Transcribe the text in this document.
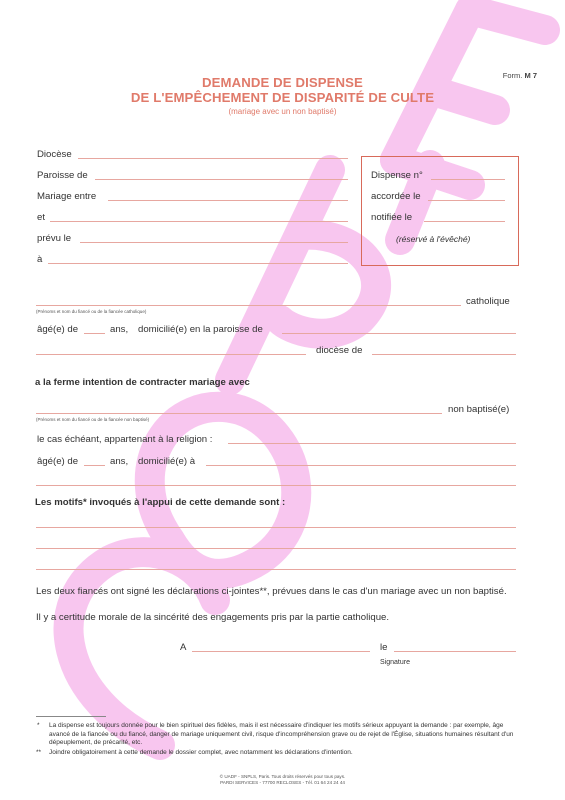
Form. M 7
DEMANDE DE DISPENSE
DE L'EMPÊCHEMENT DE DISPARITÉ DE CULTE
(mariage avec un non baptisé)
Diocèse
Paroisse de
Mariage entre
et
prévu le
à
Dispense n°
accordée le
notifiée le
(réservé à l'évêché)
catholique
(Prénoms et nom du fiancé ou de la fiancée catholique)
âgé(e) de	ans, domicilié(e) en la paroisse de
diocèse de
a la ferme intention de contracter mariage avec
non baptisé(e)
(Prénoms et nom du fiancé ou de la fiancée non baptisé)
le cas échéant, appartenant à la religion :
âgé(e) de	ans, domicilié(e) à
Les motifs* invoqués à l'appui de cette demande sont :
Les deux fiancés ont signé les déclarations ci-jointes**, prévues dans le cas d'un mariage avec un non baptisé.
Il y a certitude morale de la sincérité des engagements pris par la partie catholique.
A	le
Signature
* La dispense est toujours donnée pour le bien spirituel des fidèles, mais il est nécessaire d'indiquer les motifs sérieux appuyant la demande : par exemple, âge avancé de la fiancée ou du fiancé, danger de mariage uniquement civil, risque d'incompréhension grave ou de rejet de l'Église, situations humaines résultant d'un dépeuplement, de précarité, etc.
** Joindre obligatoirement à cette demande le dossier complet, avec notamment les déclarations d'intention.
© UADF - SNPLS, Paris. Tous droits réservés pour tous pays.
PARDI SERVICES - 77700 RECLOSES - Tél. 01 64 24 24 44
